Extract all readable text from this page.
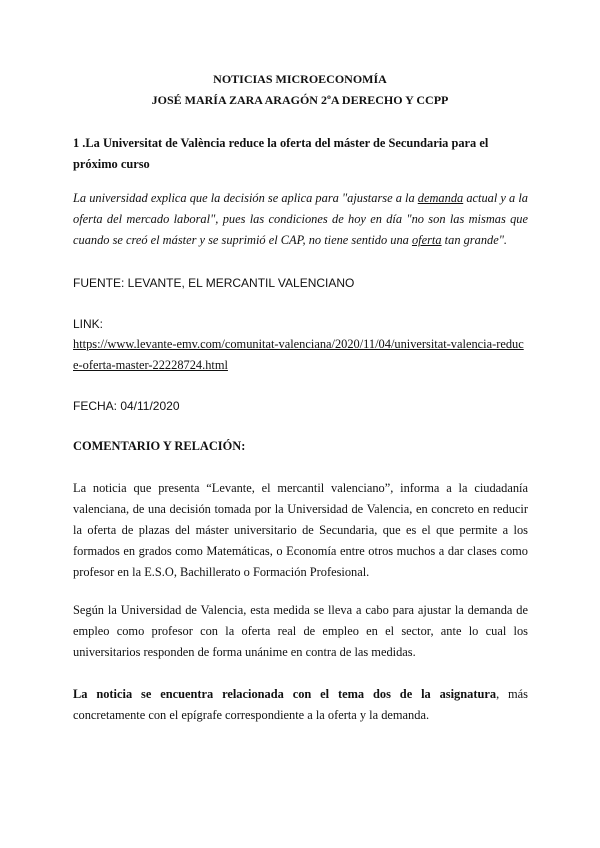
NOTICIAS MICROECONOMÍA
JOSÉ MARÍA ZARA ARAGÓN 2ºA DERECHO Y CCPP
1 .La Universitat de València reduce la oferta del máster de Secundaria para el próximo curso
La universidad explica que la decisión se aplica para "ajustarse a la demanda actual y a la oferta del mercado laboral", pues las condiciones de hoy en día "no son las mismas que cuando se creó el máster y se suprimió el CAP, no tiene sentido una oferta tan grande".
FUENTE: LEVANTE, EL MERCANTIL VALENCIANO
LINK:
https://www.levante-emv.com/comunitat-valenciana/2020/11/04/universitat-valencia-reduce-oferta-master-22228724.html
FECHA: 04/11/2020
COMENTARIO Y RELACIÓN:
La noticia que presenta “Levante, el mercantil valenciano”, informa a la ciudadanía valenciana, de una decisión tomada por la Universidad de Valencia, en concreto en reducir la oferta de plazas del máster universitario de Secundaria, que es el que permite a los formados en grados como Matemáticas, o Economía entre otros muchos a dar clases como profesor en la E.S.O, Bachillerato o Formación Profesional.
Según la Universidad de Valencia, esta medida se lleva a cabo para ajustar la demanda de empleo como profesor con la oferta real de empleo en el sector, ante lo cual los universitarios responden de forma unánime en contra de las medidas.
La noticia se encuentra relacionada con el tema dos de la asignatura, más concretamente con el epígrafe correspondiente a la oferta y la demanda.
